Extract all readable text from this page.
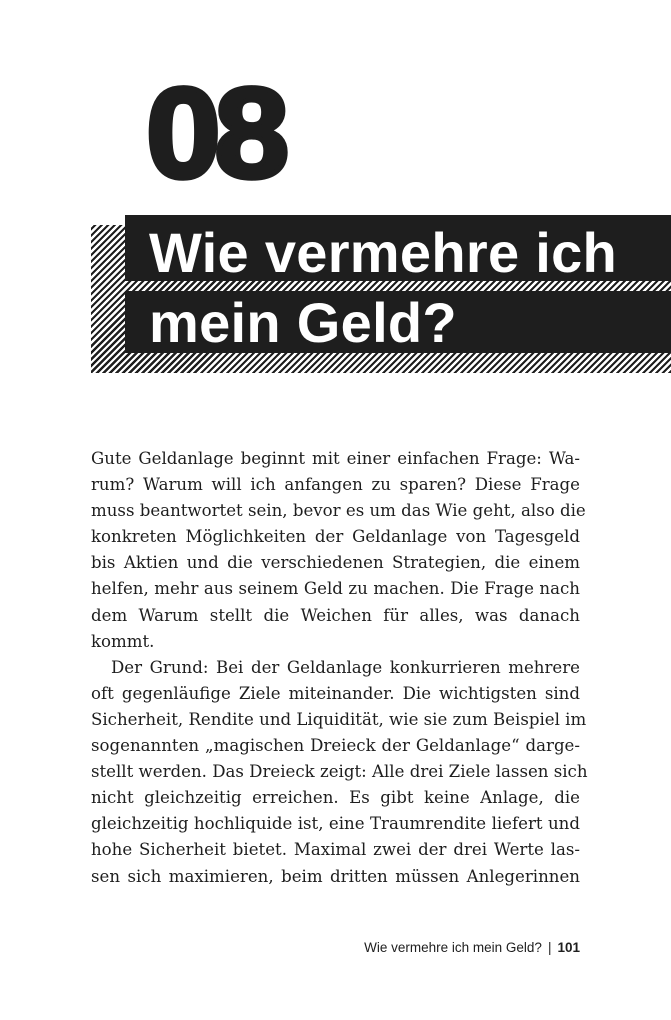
08
Wie vermehre ich
mein Geld?
Gute Geldanlage beginnt mit einer einfachen Frage: Wa-
rum? Warum will ich anfangen zu sparen? Diese Frage
muss beantwortet sein, bevor es um das Wie geht, also die
konkreten Möglichkeiten der Geldanlage von Tagesgeld
bis Aktien und die verschiedenen Strategien, die einem
helfen, mehr aus seinem Geld zu machen. Die Frage nach
dem Warum stellt die Weichen für alles, was danach
kommt.
Der Grund: Bei der Geldanlage konkurrieren mehrere
oft gegenläufige Ziele miteinander. Die wichtigsten sind
Sicherheit, Rendite und Liquidität, wie sie zum Beispiel im
sogenannten „magischen Dreieck der Geldanlage“ darge-
stellt werden. Das Dreieck zeigt: Alle drei Ziele lassen sich
nicht gleichzeitig erreichen. Es gibt keine Anlage, die
gleichzeitig hochliquide ist, eine Traumrendite liefert und
hohe Sicherheit bietet. Maximal zwei der drei Werte las-
sen sich maximieren, beim dritten müssen Anlegerinnen
Wie vermehre ich mein Geld? | 101
